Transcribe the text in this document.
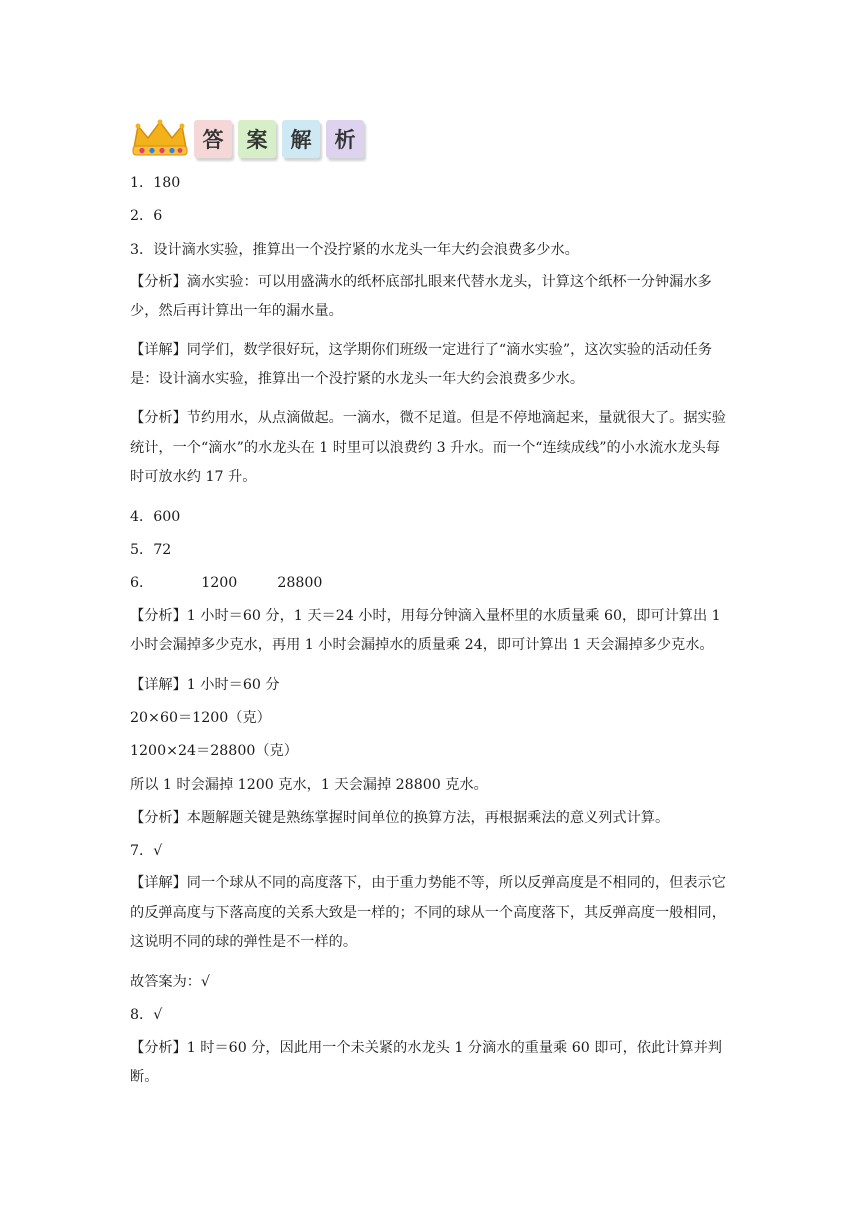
答	案	解	析

1．180

2．6

3．设计滴水实验，推算出一个没拧紧的水龙头一年大约会浪费多少水。

【分析】滴水实验：可以用盛满水的纸杯底部扎眼来代替水龙头，计算这个纸杯一分钟漏水多少，然后再计算出一年的漏水量。

【详解】同学们，数学很好玩，这学期你们班级一定进行了“滴水实验”，这次实验的活动任务是：设计滴水实验，推算出一个没拧紧的水龙头一年大约会浪费多少水。

【分析】节约用水，从点滴做起。一滴水，微不足道。但是不停地滴起来，量就很大了。据实验统计，一个“滴水”的水龙头在 1 时里可以浪费约 3 升水。而一个“连续成线”的小水流水龙头每时可放水约 17 升。

4．600

5．72

6．	1200	28800

【分析】1 小时＝60 分，1 天＝24 小时，用每分钟滴入量杯里的水质量乘 60，即可计算出 1 小时会漏掉多少克水，再用 1 小时会漏掉水的质量乘 24，即可计算出 1 天会漏掉多少克水。

【详解】1 小时＝60 分

20×60＝1200（克）

1200×24＝28800（克）

所以 1 时会漏掉 1200 克水，1 天会漏掉 28800 克水。

【分析】本题解题关键是熟练掌握时间单位的换算方法，再根据乘法的意义列式计算。

7．√

【详解】同一个球从不同的高度落下，由于重力势能不等，所以反弹高度是不相同的，但表示它的反弹高度与下落高度的关系大致是一样的；不同的球从一个高度落下，其反弹高度一般相同，这说明不同的球的弹性是不一样的。

故答案为：√

8．√

【分析】1 时＝60 分，因此用一个未关紧的水龙头 1 分滴水的重量乘 60 即可，依此计算并判断。
